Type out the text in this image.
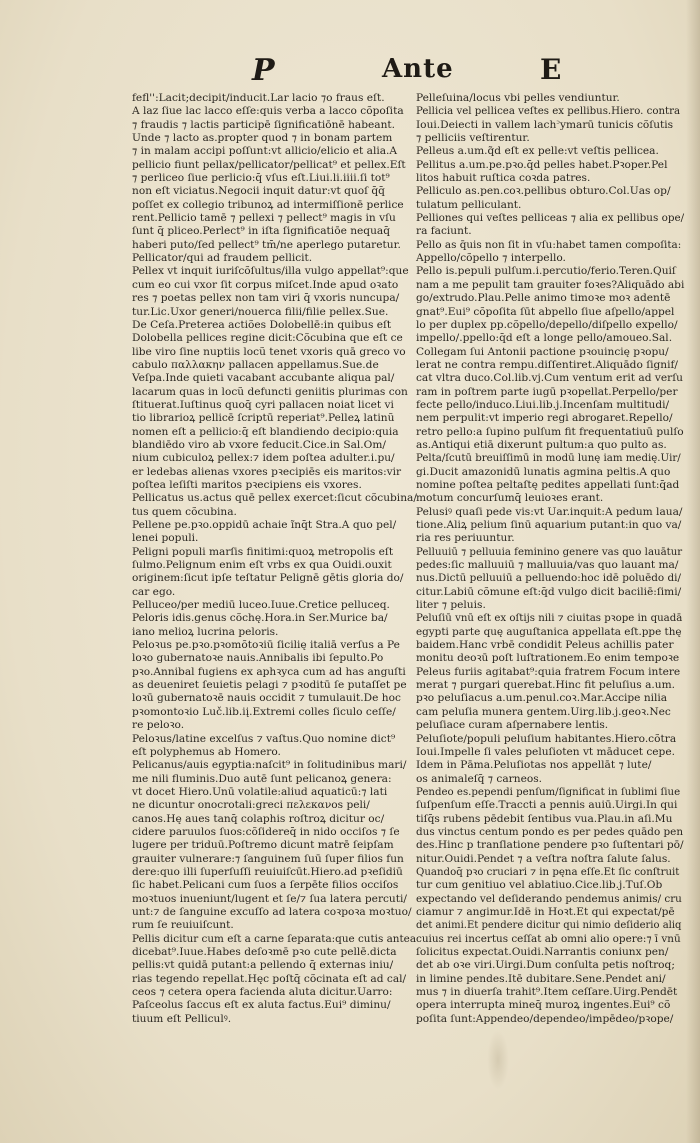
P	Ante	E

fefl'':Lacit;decipit/inducit.Lar lacio ⁊o fraus eſt.

A laz ſiue lac lacco eſſe:quis verba a lacco cõpoſita

⁊ fraudis ⁊ lactis participē ſignificatiōnē habeant.

Unde ⁊ lacto as.propter quod ⁊ in bonam partem

⁊ in malam accipi poſſunt:vt allicio/elicio et alia.A

pellicio fiunt pellax/pellicator/pellicat⁹ et pellex.Eſt

⁊ perliceo ſiue perlicio:q̄ vſus eſt.Liui.li.iiii.ſi tot⁹

non eſt viciatus.Negocii inquit datur:vt quoſ q̄q̄

poſſet ex collegio tribunoꝝ ad intermiſſionē perlice

rent.Pellicio tamē ⁊ pellexi ⁊ pellect⁹ magis in vſu

ſunt q̄ pliceo.Perlect⁹ in iſta ſignificatiōe nequaq̄

haberi puto/ſed pellect⁹ tm̄/ne aperlego putaretur.

Pellicator/qui ad fraudem pellicit.

Pellex vt inquit iuriſcõſultus/illa vulgo appellat⁹:que

cum eo cui vxor ſit corpus miſcet.Inde apud oꝛato

res ⁊ poetas pellex non tam viri q̄ vxoris nuncupa/

tur.Lic.Uxor generi/nouerca filii/filie pellex.Sue.

De Ceſa.Preterea actiões Dolobellē:in quibus eſt

Dolobella pellices regine dicit:Cõcubina que eſt ce

libe viro ſine nuptiis locũ tenet vxoris quā greco vo

cabulo παλλακην pallacen appellamus.Sue.de

Veſpa.Inde quieti vacabant accubante aliqua pal/

lacarum quas in locũ defuncti geniitis plurimas con

ſtituerat.Iuſtinus quoq̄ cyri pallacen noiat licet vi

tio librarioꝝ pellicē ſcriptū reperiat⁹.Pelleꝝ latinũ

nomen eſt a pellicio:q̄ eſt blandiendo decipio:quia

blandiēdo viro ab vxore feducit.Cice.in Sal.Om/

nium cubiculoꝝ pellex:⁊ idem poſtea adulter.i.pu/

er ledebas alienas vxores pꝛecipiēs eis maritos:vir

poſtea leſiſti maritos pꝛecipiens eis vxores.

Pellicatus us.actus quē pellex exercet:ſicut cõcubina/

tus quem cõcubina.

Pellene pe.pꝛo.oppidū achaie ĩnq̄t Stra.A quo pel/

lenei populi.

Peligni populi marſis finitimi:quoꝝ metropolis eſt

ſulmo.Pelignum enim eſt vrbs ex qua Ouidi.ouxit

originem:ſicut ipſe teſtatur Pelignē gētis gloria do/

car ego.

Pelluceo/per mediū luceo.Iuue.Cretice pelluceq.

Peloris idis.genus cõchę.Hora.in Ser.Murice ba/

iano melioꝝ lucrina peloris.

Peloꝛus pe.pꝛo.pꝛomõtoꝛiū ſicilię italiā verſus a Pe

loꝛo gubernatoꝛe nauis.Annibalis ibi ſepulto.Po

pꝛo.Annibal fugiens ex aphꝛyca cum ad has anguſti

as deueniret ſeuietis pelagi ⁊ pꝛoditū ſe putaſſet pe

loꝛū gubernatoꝛē nauis occidit ⁊ tumulauit.De hoc

pꝛomontoꝛio Luč.lib.iį.Extremi colles ſiculo ceſſe/

re peloꝛo.

Peloꝛus/latine excelſus ⁊ vaſtus.Quo nomine dict⁹

eſt polyphemus ab Homero.

Pelicanus/auis egyptia:naſcit⁹ in ſolitudinibus mari/

me nili fluminis.Duo autē ſunt pelicanoꝝ genera:

vt docet Hiero.Unū volatile:aliud aquaticū:⁊ lati

ne dicuntur onocrotali:greci πελεκανοs peli/

canos.Hę aues tanq̄ colaphis roſtroꝝ dicitur oc/

cidere paruulos ſuos:cõſidereq̄ in nido occiſos ⁊ ſe

lugere per triduū.Poſtremo dicunt matrē ſeipſam

grauiter vulnerare:⁊ ſanguinem ſuū ſuper filios fun

dere:quo illi ſuperſuſſi reuiuiſcūt.Hiero.ad pꝛeſidiū

ſic habet.Pelicani cum ſuos a ſerpēte filios occiſos

moꝛtuos inueniunt/lugent et ſe/⁊ ſua latera percuti/

unt:⁊ de ſanguine excuſſo ad latera coꝛpoꝛa moꝛtuo/

rum ſe reuiuiſcunt.

Pellis dicitur cum eſt a carne ſeparata:que cutis antea

dicebat⁹.Iuue.Habes deſoꝛmē pꝛo cute pellē.dicta

pellis:vt quidā putant:a pellendo q̄ externas iniu/

rias tegendo repellat.Hęc poſtq̄ cõcinata eſt ad cal/

ceos ⁊ cetera opera facienda aluta dicitur.Uarro:

Paſceolus ſaccus eſt ex aluta factus.Eui⁹ diminu/

tiuum eſt Pelliculꝰ.

Pelleſuina/locus vbi pelles vendiuntur.

Pellicia vel pellicea veſtes ex pellibus.Hiero. contra

Ioui.Deiecti in vallem lach꜄ymarū tunicis cõſutis

⁊ pelliciis veſtirentur.

Pelleus a.um.q̃d eſt ex pelle:vt veſtis pellicea.

Pellitus a.um.pe.pꝛo.q̄d pelles habet.Pꝛoper.Pel

litos habuit ruſtica coꝛda patres.

Pelliculo as.pen.coꝛ.pellibus obturo.Col.Uas op/

tulatum pelliculant.

Pelliones qui veſtes pelliceas ⁊ alia ex pellibus ope/

ra faciunt.

Pello as q̄uis non ſit in vſu:habet tamen compoſita:

Appello/cõpello ⁊ interpello.

Pello is.pepuli pulſum.i.percutio/ferio.Teren.Quiſ

nam a me pepulit tam grauiter foꝛes?Aliquādo abi

go/extrudo.Plau.Pelle animo timoꝛe moꝛ adentē

gnat⁹.Eui⁹ cõpoſita ſūt abpello ſiue aſpello/appel

lo per duplex pp.cõpello/depello/diſpello expello/

impello/.ppello:q̄d eſt a longe pello/amoueo.Sal.

Collegam ſui Antonii pactione pꝛouincię pꝛopu/

lerat ne contra rempu.diſſentiret.Aliquādo ſignif/

cat vltra duco.Col.lib.vj.Cum ventum erit ad verſu

ram in poſtrem parte iugū pꝛopellat.Perpello/per

fecte pello/induco.Liui.lib.j.Incenſam multitudi/

nem perpulit:vt imperio regi abrogaret.Repello/

retro pello:a ſupino pulſum fit frequentatiuū pulſo

as.Antiqui etiā dixerunt pultum:a quo pulto as.

Pelta/ſcutū breuiſſimū in modū lunę iam medię.Uir/

gi.Ducit amazonidū lunatis agmina peltis.A quo

nomine poſtea peltaſtę pedites appellati ſunt:q̄ad

motum concurſumq̄ leuioꝛes erant.

Pelusiꝰ quaſi pede vis:vt Uar.inquit:A pedum laua/

tione.Aliꝝ pelium ſinū aquarium putant:in quo va/

ria res periuuntur.

Pelluuiū ⁊ pelluuia feminino genere vas quo lauātur

pedes:ſic malluuiū ⁊ malluuia/vas quo lauant ma/

nus.Dictū pelluuiū a pelluendo:hoc idē poluēdo di/

citur.Labiū cõmune eſt:q̄d vulgo dicit baciliē:ſimi/

liter ⁊ peluis.

Peluſiū vnū eſt ex oſtijs nili ⁊ ciuitas pꝛope in quadā

egypti parte quę auguſtanica appellata eſt.ppe thę

baidem.Hanc vrbē condidit Peleus achillis pater

monitu deoꝛū poſt luſtrationem.Eo enim tempoꝛe

Peleus furiis agitabat⁹:quia fratrem Focum intere

merat ⁊ purgari querebat.Hinc fit peluſius a.um.

pꝛo peluſiacus a.um.penul.coꝛ.Mar.Accipe nilia

cam peluſia munera gentem.Uirg.lib.j.geoꝛ.Nec

peluſiace curam aſpernabere lentis.

Peluſiote/populi peluſium habitantes.Hiero.cõtra

Ioui.Impelle ſi vales peluſioten vt māducet cepe.

Idem in Pāma.Peluſiotas nos appellāt ⁊ lute/

os animaleſq̄ ⁊ carneos.

Pendeo es.pependi penſum/ſignificat in ſublimi ſiue

ſuſpenſum eſſe.Traccti a pennis auiū.Uirgi.In qui

tiſq̄s rubens pēdebit ſentibus vua.Plau.in aſi.Mu

dus vinctus centum pondo es per pedes quādo pen

des.Hinc p tranſlatione pendere pꝛo ſuſtentari pō/

nitur.Ouidi.Pendet ⁊ a veſtra noſtra ſalute ſalus.

Quandoq̄ pꝛo cruciari ⁊ in pęna eſſe.Et ſic conſtruit

tur cum genitiuo vel ablatiuo.Cice.lib.j.Tuſ.Ob

expectando vel deſiderando pendemus animis/ cru

ciamur ⁊ angimur.Idē in Hoꝛt.Et qui expectat/pē

det animi.Et pendere dicitur qui nimio deſiderio aliq

cuius rei incertus ceſſat ab omni alio opere:⁊ ī vnū

ſolicitus expectat.Ouidi.Narrantis coniunx pen/

det ab oꝛe viri.Uirgi.Dum conſulta petis noſtroq;

in limine pendes.Itē dubitare.Sene.Pendet ani/

mus ⁊ in diuerſa trahit⁹.Item ceſſare.Uirg.Pendēt

opera interrupta mineq̄ muroꝝ ingentes.Eui⁹ cõ

poſita ſunt:Appendeo/dependeo/impēdeo/pꝛope/
